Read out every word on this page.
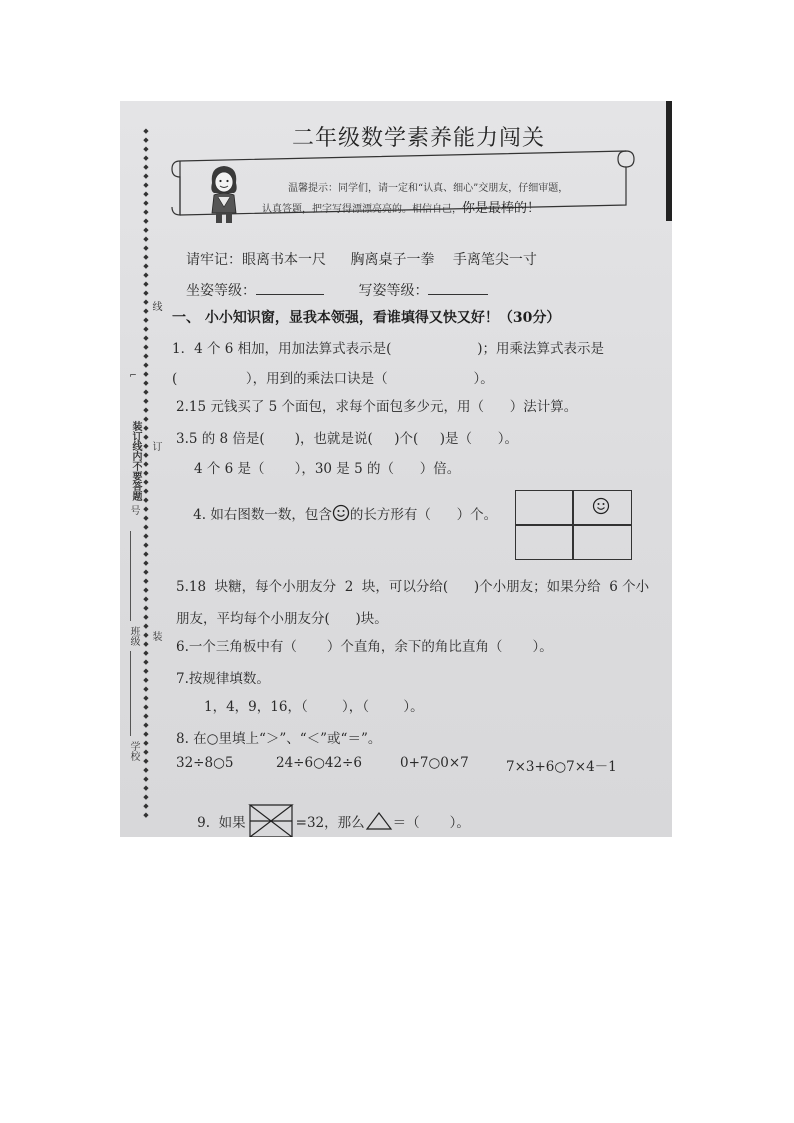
◆
◆
◆
◆
◆
◆
◆
◆
◆
◆
◆
◆
◆
◆
◆
◆
◆
◆
◆
◆
◆
◆
◆
◆
◆
◆
◆
◆
◆
◆
◆
◆
◆
◆
◆
◆
◆
◆
◆
◆
◆
◆
◆
◆
◆
◆
◆
◆
◆
◆
◆
◆
◆
◆
◆
◆
◆
◆
◆
◆
◆
◆
◆
◆
◆
◆
◆
◆
◆
◆
◆
◆
◆
◆
◆
◆
◆
学校
班级
号
⌐
线
装订线内不要答题 订
装
二年级数学素养能力闯关
温馨提示：同学们，请一定和“认真、细心”交朋友，仔细审题，
认真答题，把字写得漂漂亮亮的。相信自己，你是最棒的！
请牢记：眼离书本一尺 胸离桌子一拳 手离笔尖一寸
坐姿等级：	写姿等级：
一、 小小知识窗，显我本领强，看谁填得又快又好！（30分）
1．4 个 6 相加，用加法算式表示是(                    )；用乘法算式表示是
(                ），用到的乘法口诀是（                    ）。
2.15 元钱买了 5 个面包，求每个面包多少元，用（      ）法计算。
3.5 的 8 倍是(       )，也就是说(     )个(     )是（      ）。
4 个 6 是（       ），30 是 5 的（      ）倍。

4. 如右图数一数，包含 的长方形有（      ）个。

5.18  块糖，每个小朋友分  2  块，可以分给(      )个小朋友；如果分给  6 个小
朋友，平均每个小朋友分(      )块。
6.一个三角板中有（       ）个直角，余下的角比直角（       ）。
7.按规律填数。
1，4，9，16，（        ），（        ）。
8. 在○里填上“＞”、“＜”或“＝”。
32÷8○5	24÷6○42÷6	0+7○0×7	7×3+6○7×4－1

9.  如果	=32，那么 ＝（       ）。
